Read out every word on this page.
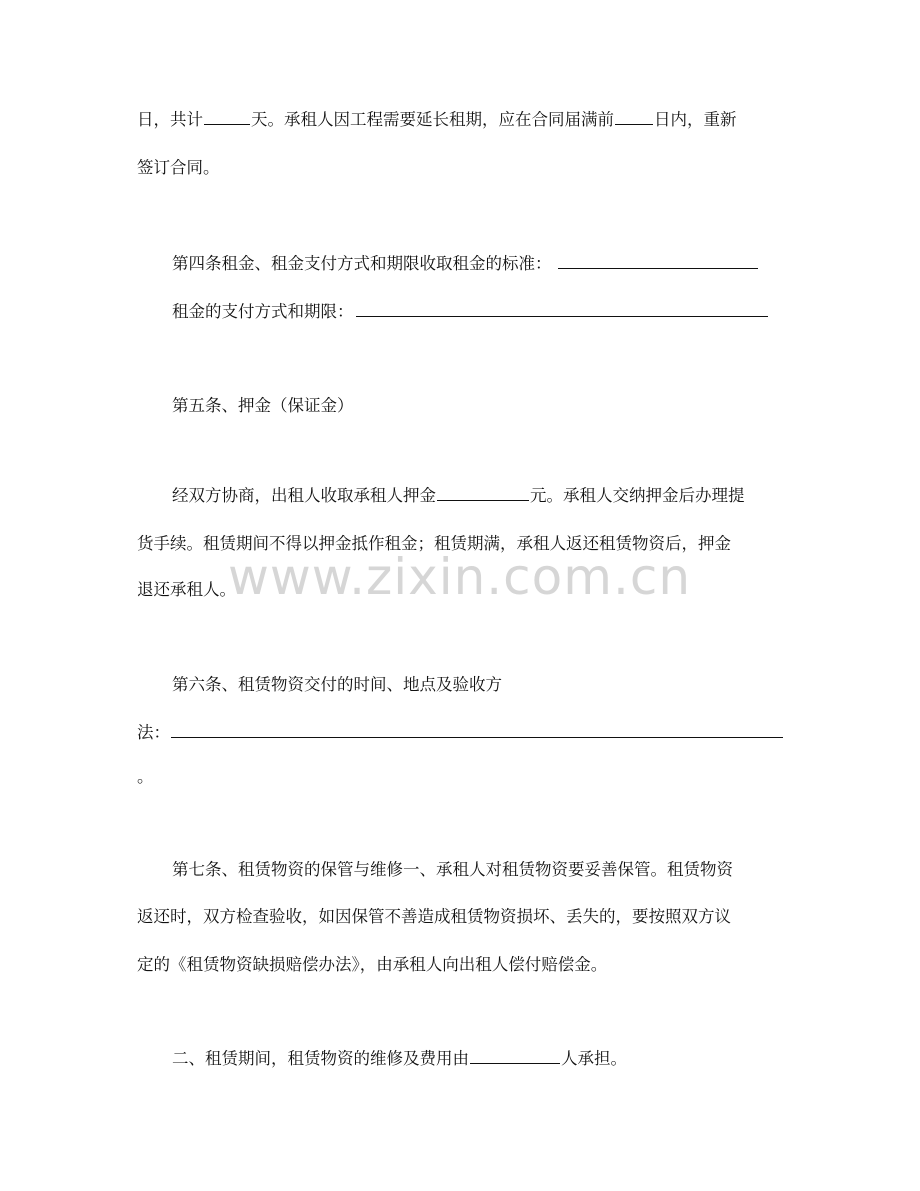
www.zixin.com.cn
日，共计	天。承租人因工程需要延长租期，应在合同届满前 日内，重新
签订合同。
第四条租金、租金支付方式和期限收取租金的标准：
租金的支付方式和期限：
第五条、押金（保证金）
经双方协商，出租人收取承租人押金	元。承租人交纳押金后办理提
货手续。租赁期间不得以押金抵作租金；租赁期满，承租人返还租赁物资后，押金
退还承租人。
第六条、租赁物资交付的时间、地点及验收方
法：
。
第七条、租赁物资的保管与维修一、承租人对租赁物资要妥善保管。租赁物资
返还时，双方检查验收，如因保管不善造成租赁物资损坏、丢失的，要按照双方议
定的《租赁物资缺损赔偿办法》，由承租人向出租人偿付赔偿金。
二、租赁期间，租赁物资的维修及费用由	人承担。
